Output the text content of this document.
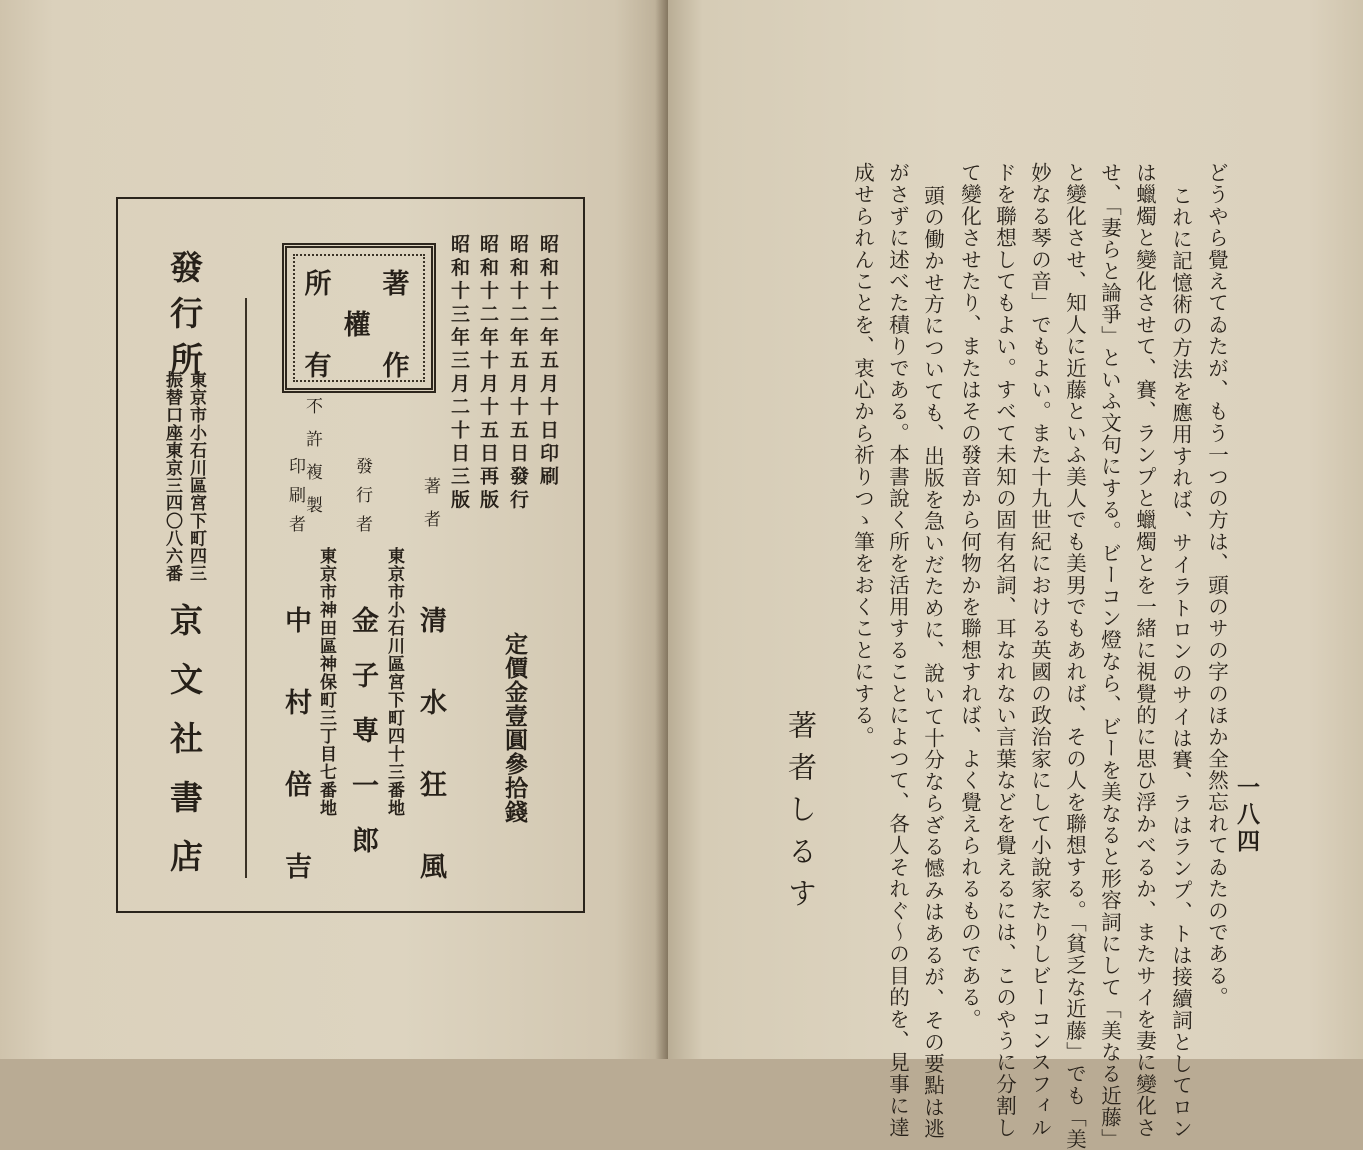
昭和十二年五月十日印刷
昭和十二年五月十五日發行
昭和十二年十月十五日再版
昭和十三年三月二十日三版
著
作
權
有
所
不許複製
定價金壹圓參拾錢
著者
清水狂風
發行者
東京市小石川區宮下町四十三番地
金子専一郎
印刷者
東京市神田區神保町三丁目七番地
中村倍吉
發行所
東京市小石川區宮下町四三
振替口座東京三四〇八六番
京文社書店	一八四
どうやら覺えてゐたが、もう一つの方は、頭のサの字のほか全然忘れてゐたのである。
これに記憶術の方法を應用すれば、サイラトロンのサイは賽、ラはランプ、トは接續詞としてロン
は蠟燭と變化させて、賽、ランプと蠟燭とを一緒に視覺的に思ひ浮かべるか、またサイを妻に變化さ
せ、「妻らと論爭」といふ文句にする。ビーコン燈なら、ビーを美なると形容詞にして「美なる近藤」
と變化させ、知人に近藤といふ美人でも美男でもあれば、その人を聯想する。「貧乏な近藤」でも「美
妙なる琴の音」でもよい。また十九世紀における英國の政治家にして小說家たりしビーコンスフィル
ドを聯想してもよい。すべて未知の固有名詞、耳なれない言葉などを覺えるには、このやうに分割し
て變化させたり、またはその發音から何物かを聯想すれば、よく覺えられるものである。
頭の働かせ方についても、出版を急いだために、說いて十分ならざる憾みはあるが、その要點は逃
がさずに述べた積りである。本書說く所を活用することによつて、各人それぐ〜の目的を、見事に達
成せられんことを、衷心から祈りつゝ筆をおくことにする。
著者しるす
